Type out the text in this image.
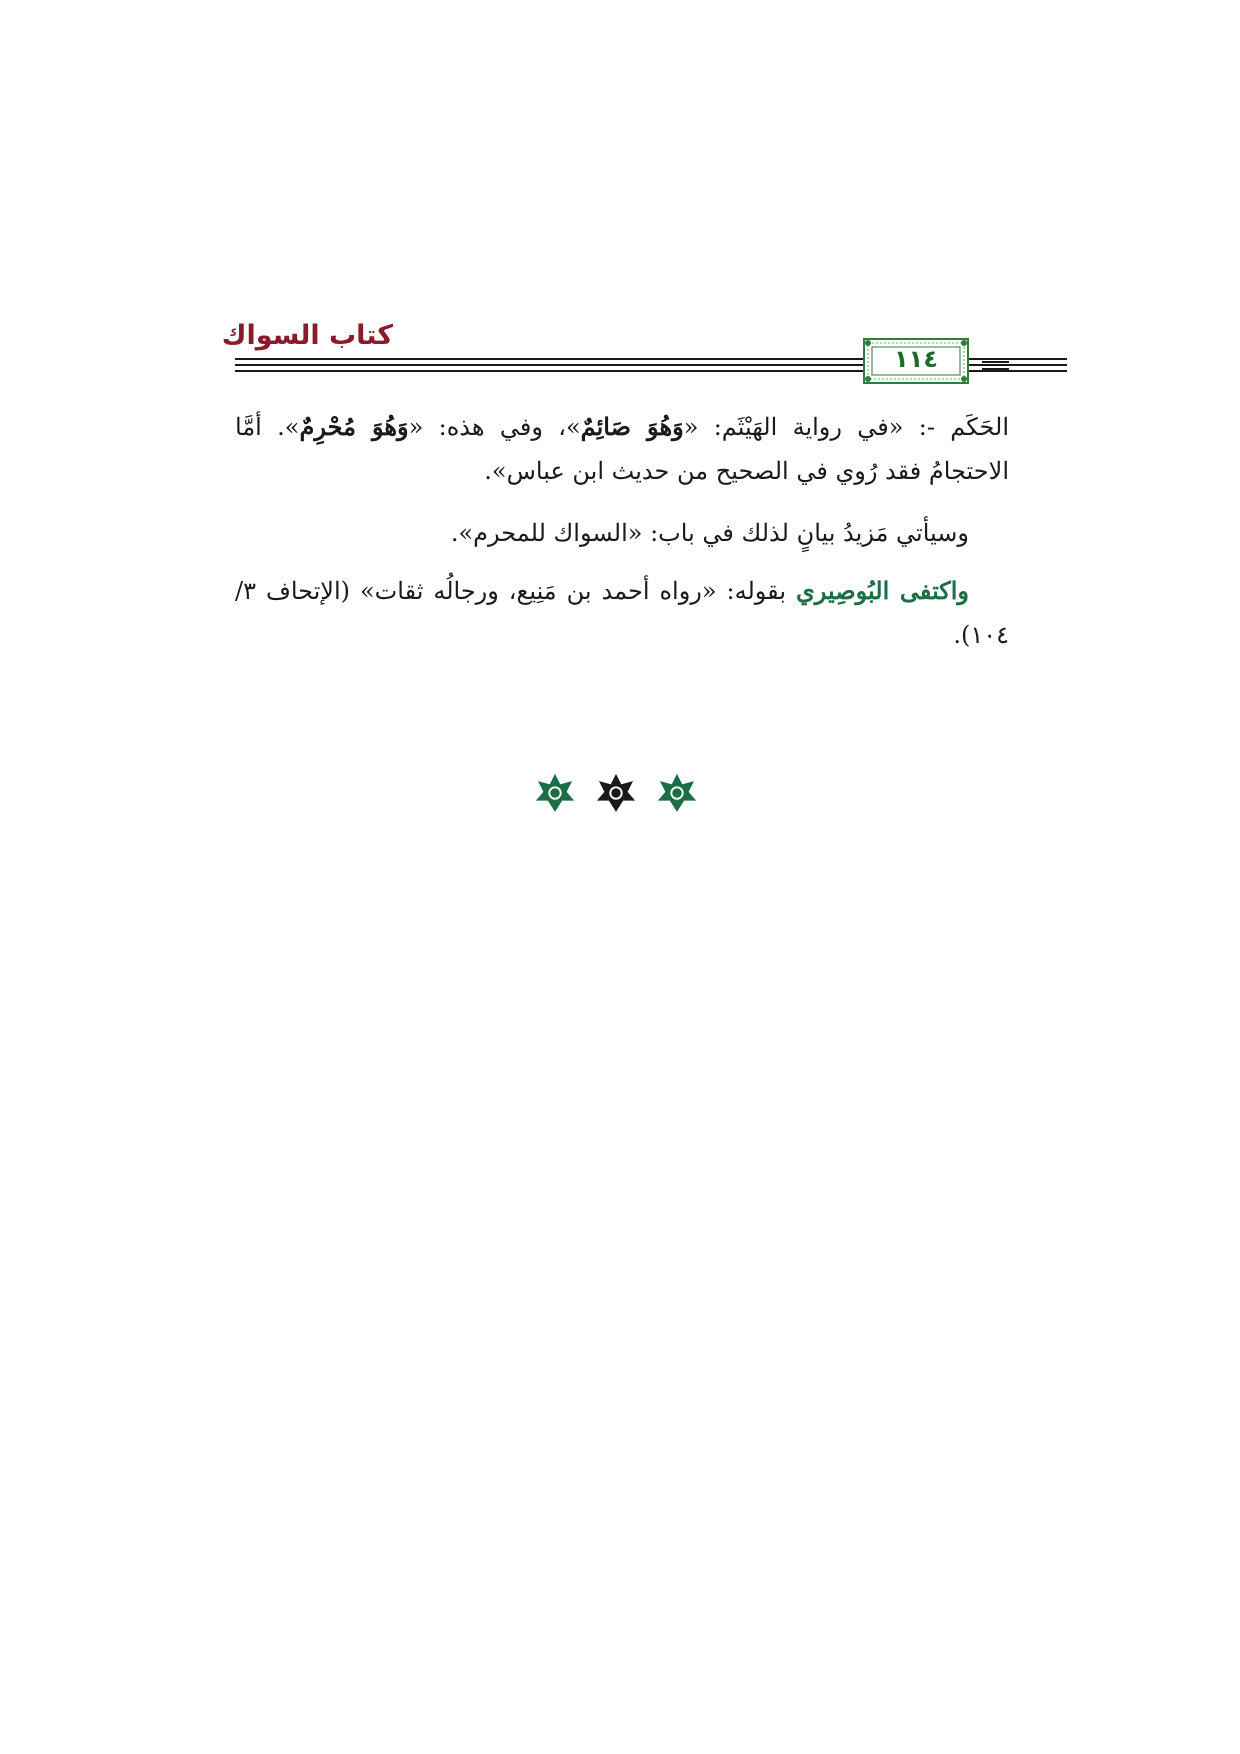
كتاب السواك
١١٤

الحَكَم -: «في رواية الهَيْثَم: «وَهُوَ صَائِمٌ»، وفي هذه: «وَهُوَ مُحْرِمٌ». أمَّا الاحتجامُ فقد رُوي في الصحيح من حديث ابن عباس».

وسيأتي مَزيدُ بيانٍ لذلك في باب: «السواك للمحرم».

واكتفى البُوصِيري بقوله: «رواه أحمد بن مَنِيع، ورجالُه ثقات» (الإتحاف ٣/ ١٠٤).
